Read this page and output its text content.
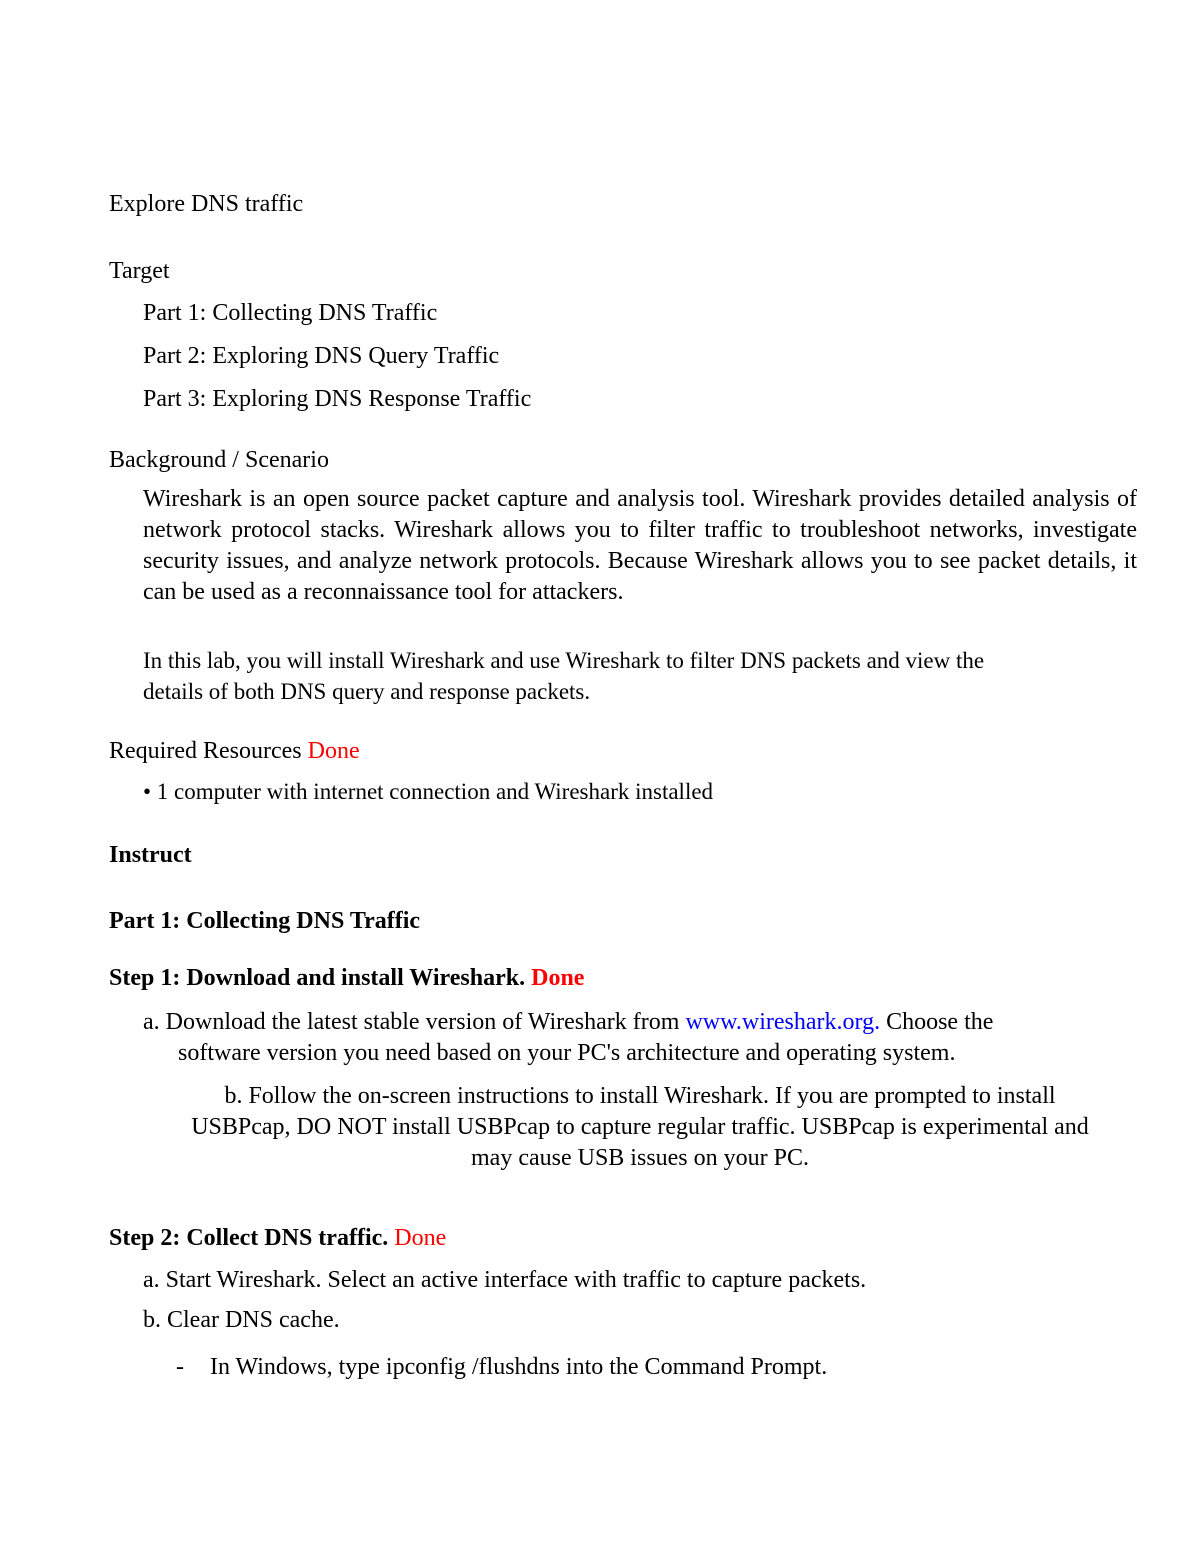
Explore DNS traffic
Target
Part 1: Collecting DNS Traffic
Part 2: Exploring DNS Query Traffic
Part 3: Exploring DNS Response Traffic
Background / Scenario
Wireshark is an open source packet capture and analysis tool. Wireshark provides detailed analysis of network protocol stacks. Wireshark allows you to filter traffic to troubleshoot networks, investigate security issues, and analyze network protocols. Because Wireshark allows you to see packet details, it can be used as a reconnaissance tool for attackers.
In this lab, you will install Wireshark and use Wireshark to filter DNS packets and view the
details of both DNS query and response packets.
Required Resources Done
• 1 computer with internet connection and Wireshark installed
Instruct
Part 1: Collecting DNS Traffic
Step 1: Download and install Wireshark. Done
a. Download the latest stable version of Wireshark from www.wireshark.org. Choose the
software version you need based on your PC's architecture and operating system.
b. Follow the on-screen instructions to install Wireshark. If you are prompted to install
USBPcap, DO NOT install USBPcap to capture regular traffic. USBPcap is experimental and
may cause USB issues on your PC.
Step 2: Collect DNS traffic. Done
a. Start Wireshark. Select an active interface with traffic to capture packets.
b. Clear DNS cache.
- In Windows, type ipconfig /flushdns into the Command Prompt.
